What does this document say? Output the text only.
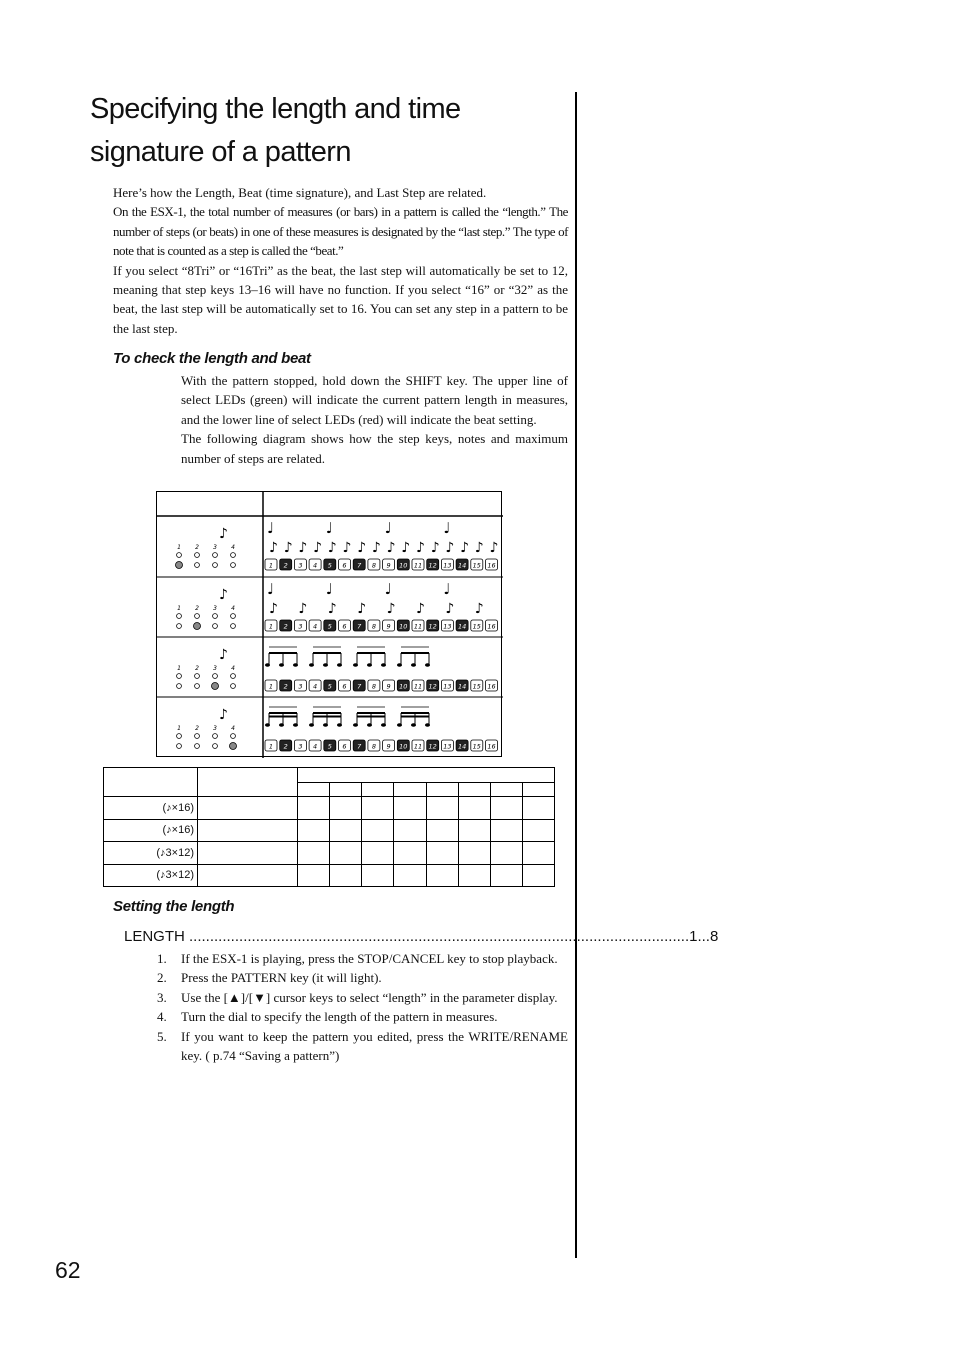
Specifying the length and time signature of a pattern

Here’s how the Length, Beat (time signature), and Last Step are related.

On the ESX-1, the total number of measures (or bars) in a pattern is called the “length.” The number of steps (or beats) in one of these measures is designated by the “last step.” The type of note that is counted as a step is called the “beat.”

If you select “8Tri” or “16Tri” as the beat, the last step will automatically be set to 12, meaning that step keys 13–16 will have no function. If you select “16” or “32” as the beat, the last step will be automatically set to 16. You can set any step in a pattern to be the last step.

To check the length and beat

With the pattern stopped, hold down the SHIFT key. The upper line of select LEDs (green) will indicate the current pattern length in measures, and the lower line of select LEDs (red) will indicate the beat setting.

The following diagram shows how the step keys, notes and maximum number of steps are related.

♪
1 2 3 4
1 2 3 4 5 6 7 8 9 10 11 12 13 14 15 16
♪ ♪ ♪ ♪ ♪ ♪ ♪ ♪ ♪ ♪ ♪ ♪ ♪ ♪ ♪ ♪
♩	♩	♩	♩
♪
1 2 3 4
1 2 3 4 5 6 7 8 9 10 11 12 13 14 15 16
♪ ♪ ♪ ♪ ♪ ♪ ♪ ♪
♩	♩	♩	♩
♪
1 2 3 4
1 2 3 4 5 6 7 8 9 10 11 12 13 14 15 16
♪
1 2 3 4
1 2 3 4 5 6 7 8 9 10 11 12 13 14 15 16

(♪×16)									
(♪×16)									
(♪3×12)									
(♪3×12)									
Setting the length
LENGTH ........................................................................................................................ 1...8
1.	If the ESX-1 is playing, press the STOP/CANCEL key to stop playback.
2.	Press the PATTERN key (it will light).
3.	Use the [▲]/[▼] cursor keys to select “length” in the parameter display.
4.	Turn the dial to specify the length of the pattern in measures.
5.	If you want to keep the pattern you edited, press the WRITE/RENAME key. ( p.74 “Saving a pattern”)
62
